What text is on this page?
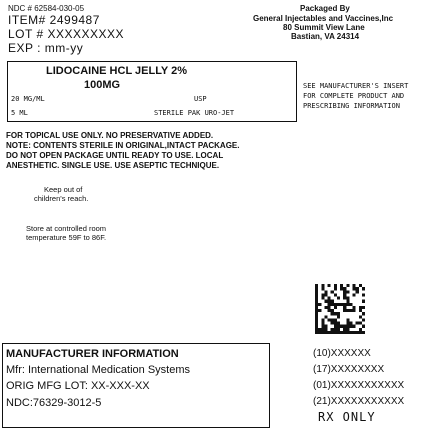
NDC # 62584-030-05
ITEM# 2499487
LOT # XXXXXXXXX
EXP : mm-yy
Packaged By
General Injectables and Vaccines,Inc
80 Summit View Lane
Bastian, VA 24314
LIDOCAINE HCL JELLY 2%
100MG
20 MG/ML	USP
5 ML	STERILE PAK URO-JET
SEE MANUFACTURER'S INSERT
FOR COMPLETE PRODUCT AND
PRESCRIBING INFORMATION
FOR TOPICAL USE ONLY. NO PRESERVATIVE ADDED.
NOTE: CONTENTS STERILE IN ORIGINAL,INTACT PACKAGE.
DO NOT OPEN PACKAGE UNTIL READY TO USE. LOCAL
ANESTHETIC. SINGLE USE. USE ASEPTIC TECHNIQUE.
Keep out of
children's reach.
Store at controlled room
temperature 59F to 86F.
MANUFACTURER INFORMATION
Mfr: International Medication Systems
ORIG MFG LOT: XX-XXX-XX
NDC:76329-3012-5
(10)XXXXXX
(17)XXXXXXXX
(01)XXXXXXXXXXX
(21)XXXXXXXXXXX
RX ONLY
